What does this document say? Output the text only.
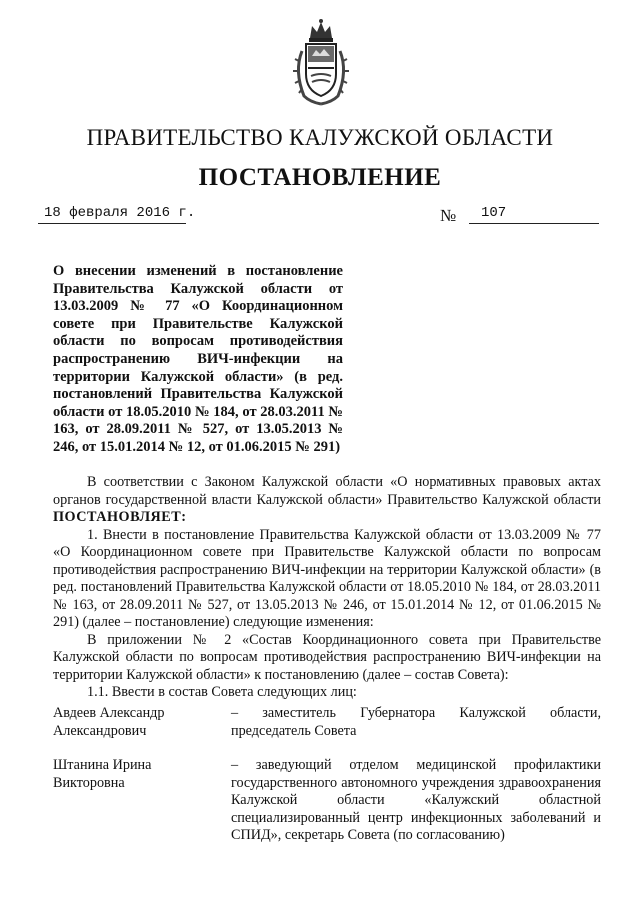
ПРАВИТЕЛЬСТВО КАЛУЖСКОЙ ОБЛАСТИ
ПОСТАНОВЛЕНИЕ
18 февраля 2016 г.	№ 107

О внесении изменений в постановление Правительства Калужской области от 13.03.2009 № 77 «О Координационном совете при Правительстве Калужской области по вопросам противодействия распространению ВИЧ-инфекции на территории Калужской области» (в ред. постановлений Правительства Калужской области от 18.05.2010 № 184, от 28.03.2011 № 163, от 28.09.2011 № 527, от 13.05.2013 № 246, от 15.01.2014 № 12, от 01.06.2015 № 291)

В соответствии с Законом Калужской области «О нормативных правовых актах органов государственной власти Калужской области» Правительство Калужской области ПОСТАНОВЛЯЕТ:

1. Внести в постановление Правительства Калужской области от 13.03.2009 № 77 «О Координационном совете при Правительстве Калужской области по вопросам противодействия распространению ВИЧ-инфекции на территории Калужской области» (в ред. постановлений Правительства Калужской области от 18.05.2010 № 184, от 28.03.2011 № 163, от 28.09.2011 № 527, от 13.05.2013 № 246, от 15.01.2014 № 12, от 01.06.2015 № 291) (далее – постановление) следующие изменения:

В приложении № 2 «Состав Координационного совета при Правительстве Калужской области по вопросам противодействия распространению ВИЧ-инфекции на территории Калужской области» к постановлению (далее – состав Совета):

1.1. Ввести в состав Совета следующих лиц:

Авдеев Александр Александрович
– заместитель Губернатора Калужской области, председатель Совета
Штанина Ирина Викторовна
– заведующий отделом медицинской профилактики государственного автономного учреждения здравоохранения Калужской области «Калужский областной специализированный центр инфекционных заболеваний и СПИД», секретарь Совета (по согласованию)
